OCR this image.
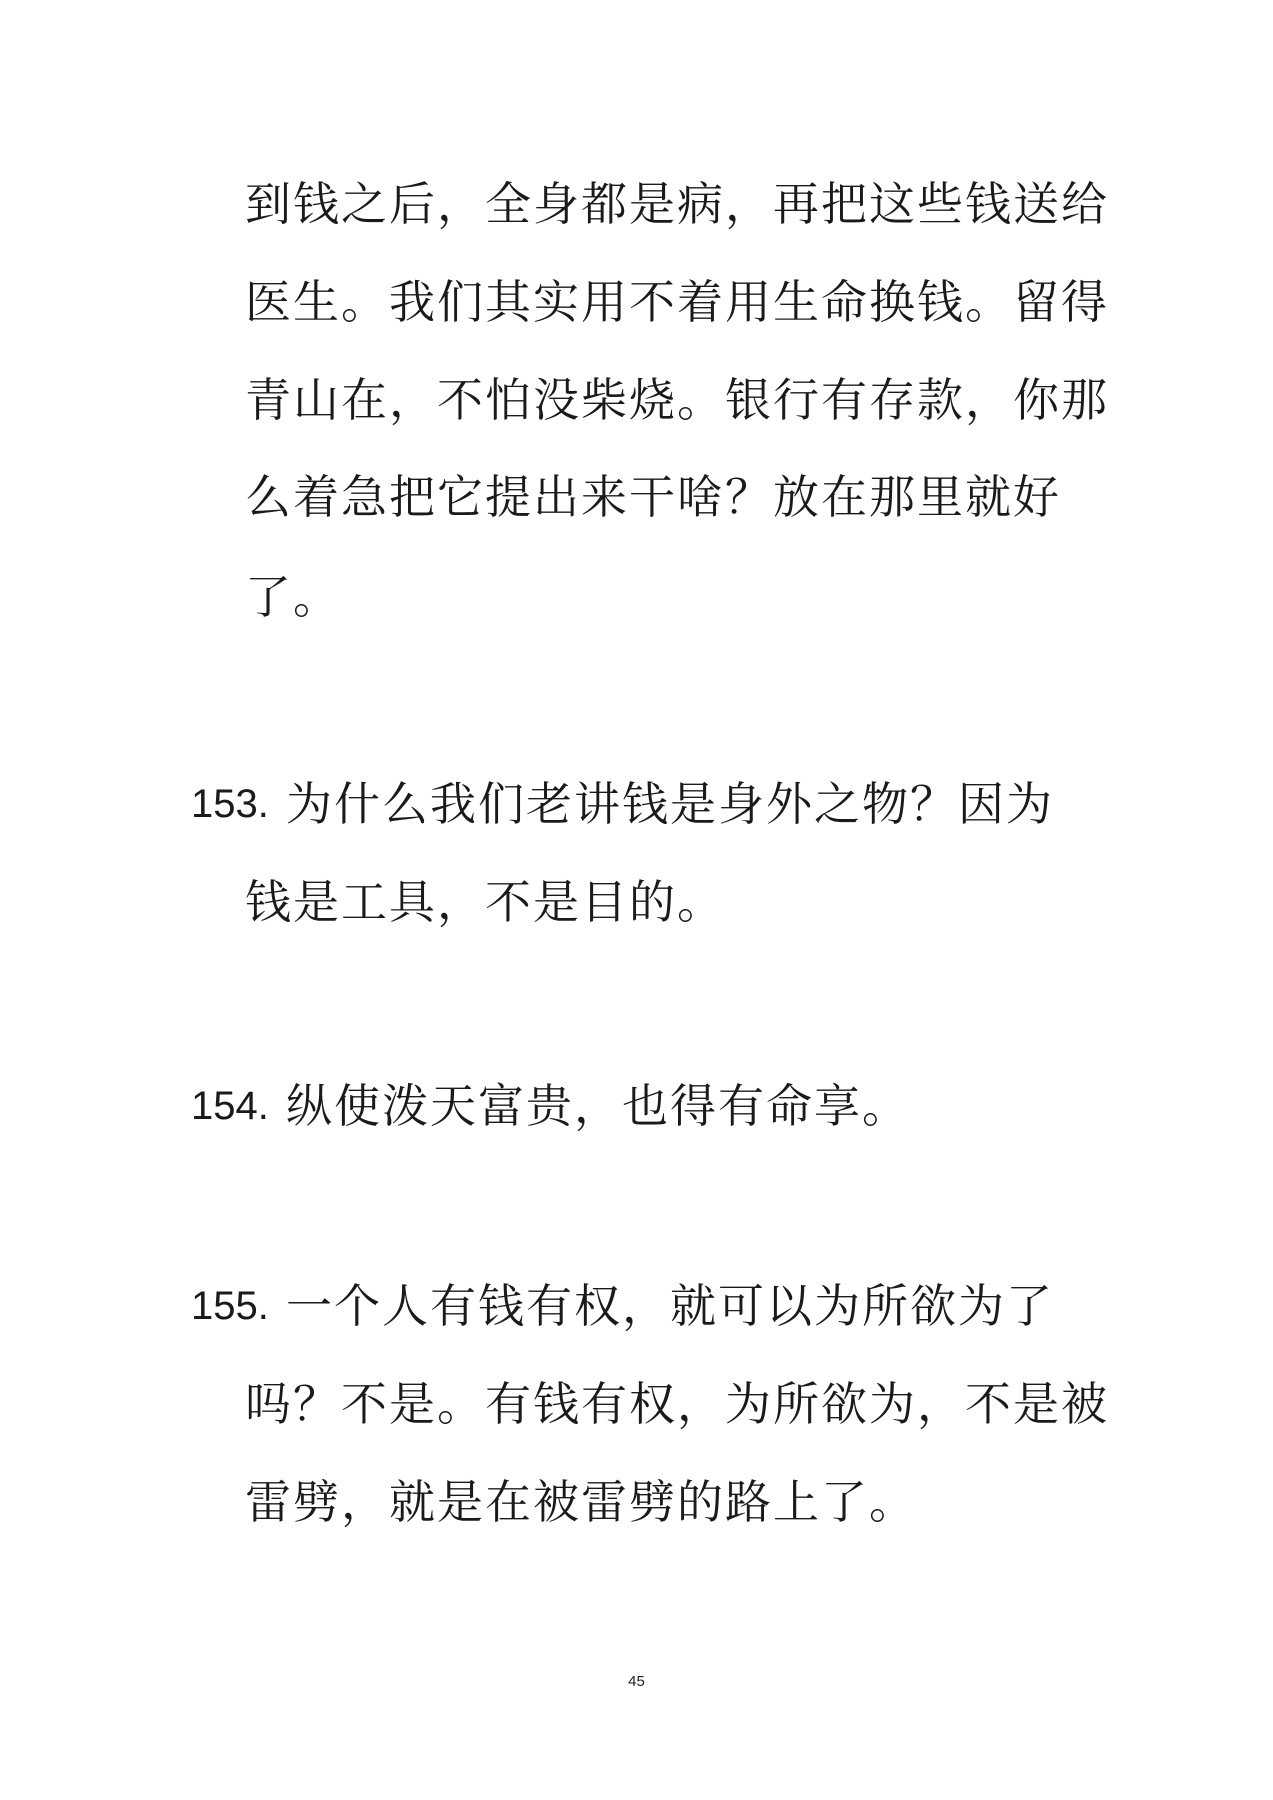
到钱之后，全身都是病，再把这些钱送给
医生。我们其实用不着用生命换钱。留得
青山在，不怕没柴烧。银行有存款，你那
么着急把它提出来干啥？放在那里就好
了。
153. 为什么我们老讲钱是身外之物？因为
钱是工具，不是目的。
154. 纵使泼天富贵，也得有命享。
155. 一个人有钱有权，就可以为所欲为了
吗？不是。有钱有权，为所欲为，不是被
雷劈，就是在被雷劈的路上了。
45
